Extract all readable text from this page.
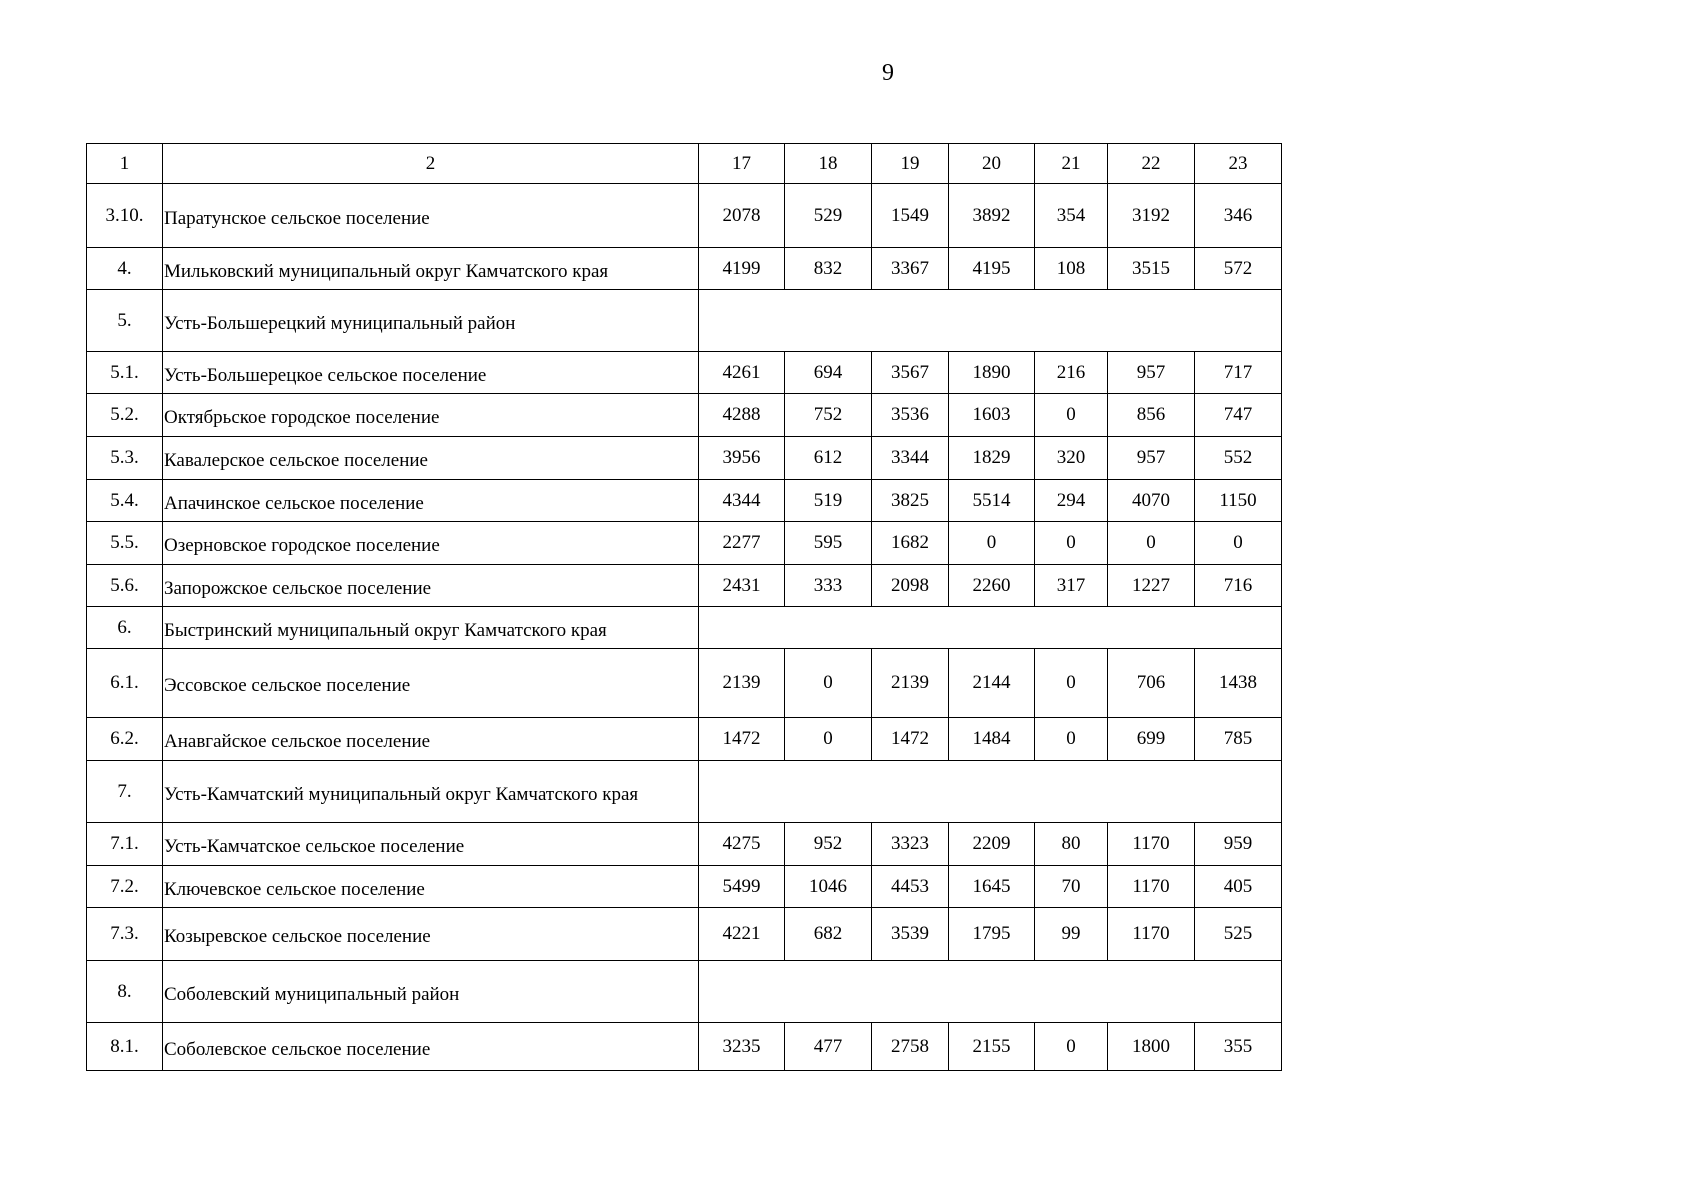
9
1	2	17	18	19	20	21	22	23
3.10.	Паратунское сельское поселение	2078	529	1549	3892	354	3192	346
4.	Мильковский муниципальный округ Камчатского края	4199	832	3367	4195	108	3515	572
5.	Усть-Большерецкий муниципальный район							
5.1.	Усть-Большерецкое сельское поселение	4261	694	3567	1890	216	957	717
5.2.	Октябрьское городское поселение	4288	752	3536	1603	0	856	747
5.3.	Кавалерское сельское поселение	3956	612	3344	1829	320	957	552
5.4.	Апачинское сельское поселение	4344	519	3825	5514	294	4070	1150
5.5.	Озерновское городское поселение	2277	595	1682	0	0	0	0
5.6.	Запорожское сельское поселение	2431	333	2098	2260	317	1227	716
6.	Быстринский муниципальный округ Камчатского края							
6.1.	Эссовское сельское поселение	2139	0	2139	2144	0	706	1438
6.2.	Анавгайское сельское поселение	1472	0	1472	1484	0	699	785
7.	Усть-Камчатский муниципальный округ Камчатского края							
7.1.	Усть-Камчатское сельское поселение	4275	952	3323	2209	80	1170	959
7.2.	Ключевское сельское поселение	5499	1046	4453	1645	70	1170	405
7.3.	Козыревское сельское поселение	4221	682	3539	1795	99	1170	525
8.	Соболевский муниципальный район							
8.1.	Соболевское сельское поселение	3235	477	2758	2155	0	1800	355
